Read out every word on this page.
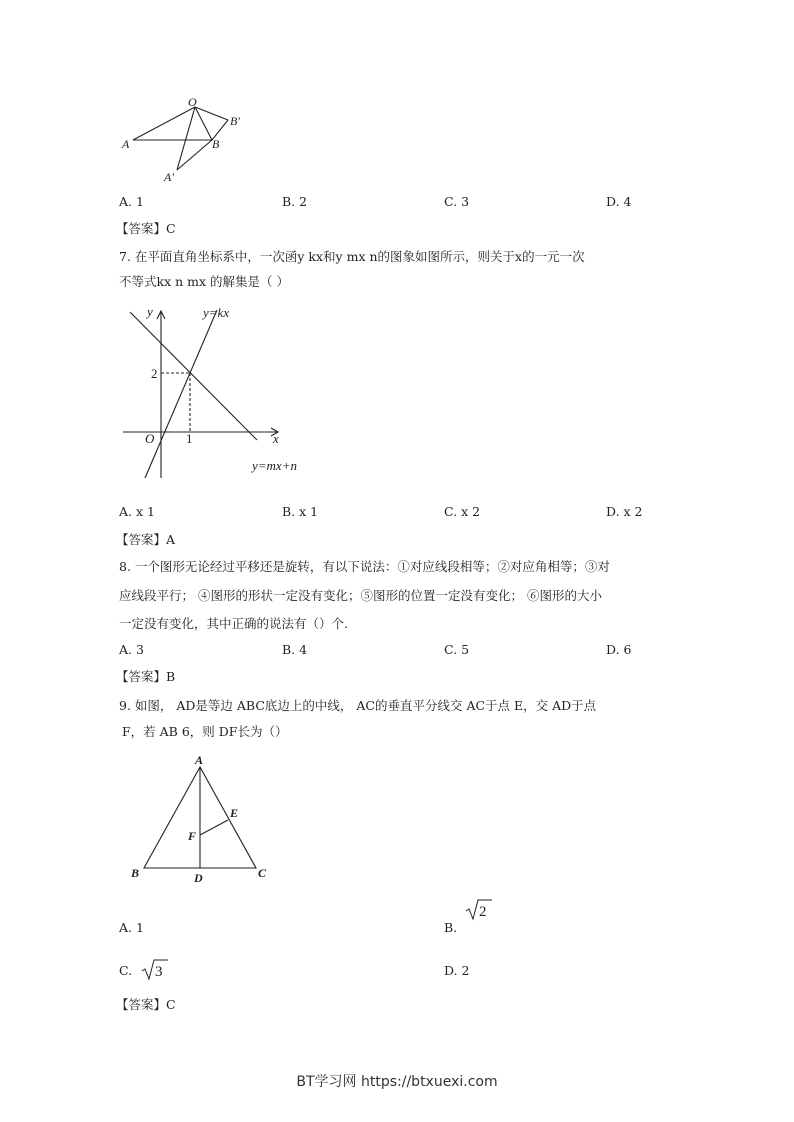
O
B′
A	B
A′
A. 1	B. 2	C. 3	D. 4
【答案】C
7. 在平面直角坐标系中，一次函y kx和y mx n的图象如图所示，则关于x的一元一次
不等式kx n mx 的解集是（ ）
y	y=kx
2
O 1	x
y=mx+n
A. x 1	B. x 1	C. x 2	D. x 2
【答案】A
8. 一个图形无论经过平移还是旋转，有以下说法：①对应线段相等；②对应角相等；③对
应线段平行； ④图形的形状一定没有变化；⑤图形的位置一定没有变化； ⑥图形的大小
一定没有变化，其中正确的说法有（）个.
A. 3	B. 4	C. 5	D. 6
【答案】B
9. 如图， AD是等边 ABC底边上的中线， AC的垂直平分线交 AC于点 E，交 AD于点
F，若 AB 6，则 DF长为（）
A
E
F
B	D	C
A. 1	B.
2
C. 3	D. 2
【答案】C
BT学习网 https://btxuexi.com
